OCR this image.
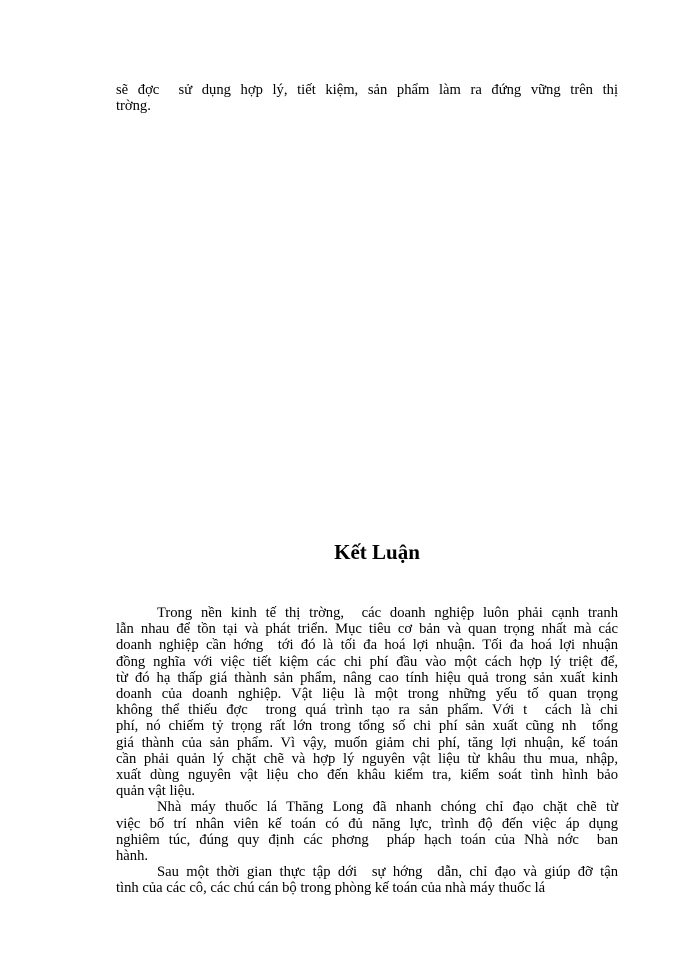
sẽ đợc  sử dụng hợp lý, tiết kiệm, sản phẩm làm ra đứng vững trên thị
trờng.
Kết Luận
Trong nền kinh tế thị trờng,  các doanh nghiệp luôn phải cạnh tranh
lẫn nhau để tồn tại và phát triển. Mục tiêu cơ bản và quan trọng nhất mà các
doanh nghiệp cần hớng  tới đó là tối đa hoá lợi nhuận. Tối đa hoá lợi nhuận
đồng nghĩa với việc tiết kiệm các chi phí đầu vào một cách hợp lý triệt để,
từ đó hạ thấp giá thành sản phẩm, nâng cao tính hiệu quả trong sản xuất kinh
doanh của doanh nghiệp. Vật liệu là một trong những yếu tố quan trọng
không thể thiếu đợc  trong quá trình tạo ra sản phẩm. Với t  cách là chi
phí, nó chiếm tỷ trọng rất lớn trong tổng số chi phí sản xuất cũng nh  tổng
giá thành của sản phẩm. Vì vậy, muốn giảm chi phí, tăng lợi nhuận, kế toán
cần phải quản lý chặt chẽ và hợp lý nguyên vật liệu từ khâu thu mua, nhập,
xuất dùng nguyên vật liệu cho đến khâu kiểm tra, kiểm soát tình hình bảo
quản vật liệu.
Nhà máy thuốc lá Thăng Long đã nhanh chóng chỉ đạo chặt chẽ từ
việc bố trí nhân viên kế toán có đủ năng lực, trình độ đến việc áp dụng
nghiêm túc, đúng quy định các phơng  pháp hạch toán của Nhà nớc  ban
hành.
Sau một thời gian thực tập dới  sự hớng  dẫn, chỉ đạo và giúp đỡ tận
tình của các cô, các chú cán bộ trong phòng kế toán của nhà máy thuốc lá
